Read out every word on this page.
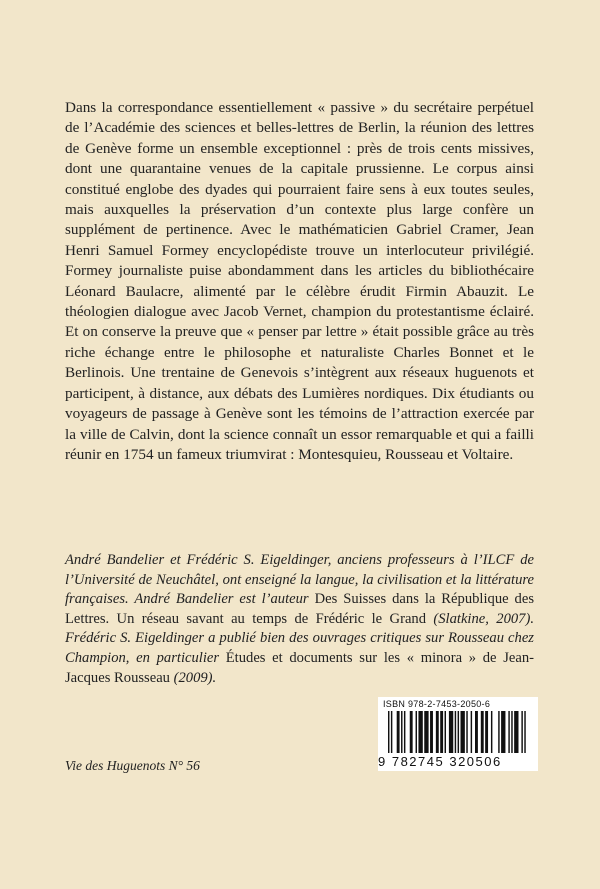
Dans la correspondance essentiellement « passive » du secrétaire perpétuel de l’Académie des sciences et belles-lettres de Berlin, la réunion des lettres de Genève forme un ensemble exceptionnel : près de trois cents missives, dont une quarantaine venues de la capitale prussienne. Le corpus ainsi constitué englobe des dyades qui pourraient faire sens à eux toutes seules, mais auxquelles la préservation d’un contexte plus large confère un supplément de pertinence. Avec le mathématicien Gabriel Cramer, Jean Henri Samuel Formey encyclopédiste trouve un interlocuteur privilégié. Formey journaliste puise abondamment dans les articles du bibliothécaire Léonard Baulacre, alimenté par le célèbre érudit Firmin Abauzit. Le théologien dialogue avec Jacob Vernet, champion du protestantisme éclairé. Et on conserve la preuve que « penser par lettre » était possible grâce au très riche échange entre le philosophe et naturaliste Charles Bonnet et le Berlinois. Une trentaine de Genevois s’intègrent aux réseaux huguenots et participent, à distance, aux débats des Lumières nordiques. Dix étudiants ou voyageurs de passage à Genève sont les témoins de l’attraction exercée par la ville de Calvin, dont la science connaît un essor remarquable et qui a failli réunir en 1754 un fameux triumvirat : Montesquieu, Rousseau et Voltaire.
André Bandelier et Frédéric S. Eigeldinger, anciens professeurs à l’ILCF de l’Université de Neuchâtel, ont enseigné la langue, la civilisation et la littérature françaises. André Bandelier est l’auteur Des Suisses dans la République des Lettres. Un réseau savant au temps de Frédéric le Grand (Slatkine, 2007). Frédéric S. Eigeldinger a publié bien des ouvrages critiques sur Rousseau chez Champion, en particulier Études et documents sur les « minora » de Jean-Jacques Rousseau (2009).
Vie des Huguenots N° 56
ISBN 978-2-7453-2050-6
9 782745 320506
